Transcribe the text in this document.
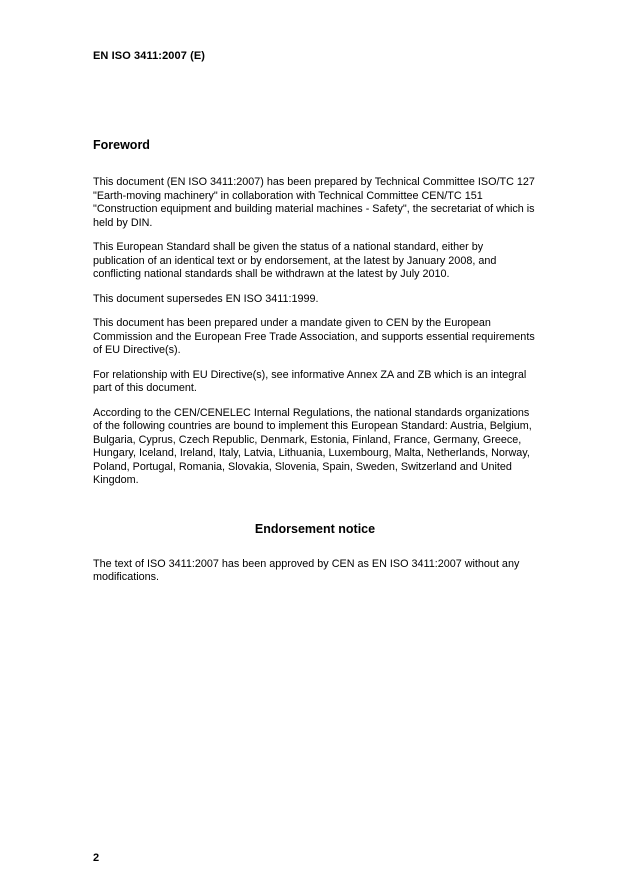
EN ISO 3411:2007 (E)
Foreword

This document (EN ISO 3411:2007) has been prepared by Technical Committee ISO/TC 127 "Earth-moving machinery" in collaboration with Technical Committee CEN/TC 151 "Construction equipment and building material machines - Safety", the secretariat of which is held by DIN.

This European Standard shall be given the status of a national standard, either by publication of an identical text or by endorsement, at the latest by January 2008, and conflicting national standards shall be withdrawn at the latest by July 2010.

This document supersedes EN ISO 3411:1999.

This document has been prepared under a mandate given to CEN by the European Commission and the European Free Trade Association, and supports essential requirements of EU Directive(s).

For relationship with EU Directive(s), see informative Annex ZA and ZB which is an integral part of this document.

According to the CEN/CENELEC Internal Regulations, the national standards organizations of the following countries are bound to implement this European Standard: Austria, Belgium, Bulgaria, Cyprus, Czech Republic, Denmark, Estonia, Finland, France, Germany, Greece, Hungary, Iceland, Ireland, Italy, Latvia, Lithuania, Luxembourg, Malta, Netherlands, Norway, Poland, Portugal, Romania, Slovakia, Slovenia, Spain, Sweden, Switzerland and United Kingdom.

Endorsement notice

The text of ISO 3411:2007 has been approved by CEN as EN ISO 3411:2007 without any modifications.

2
